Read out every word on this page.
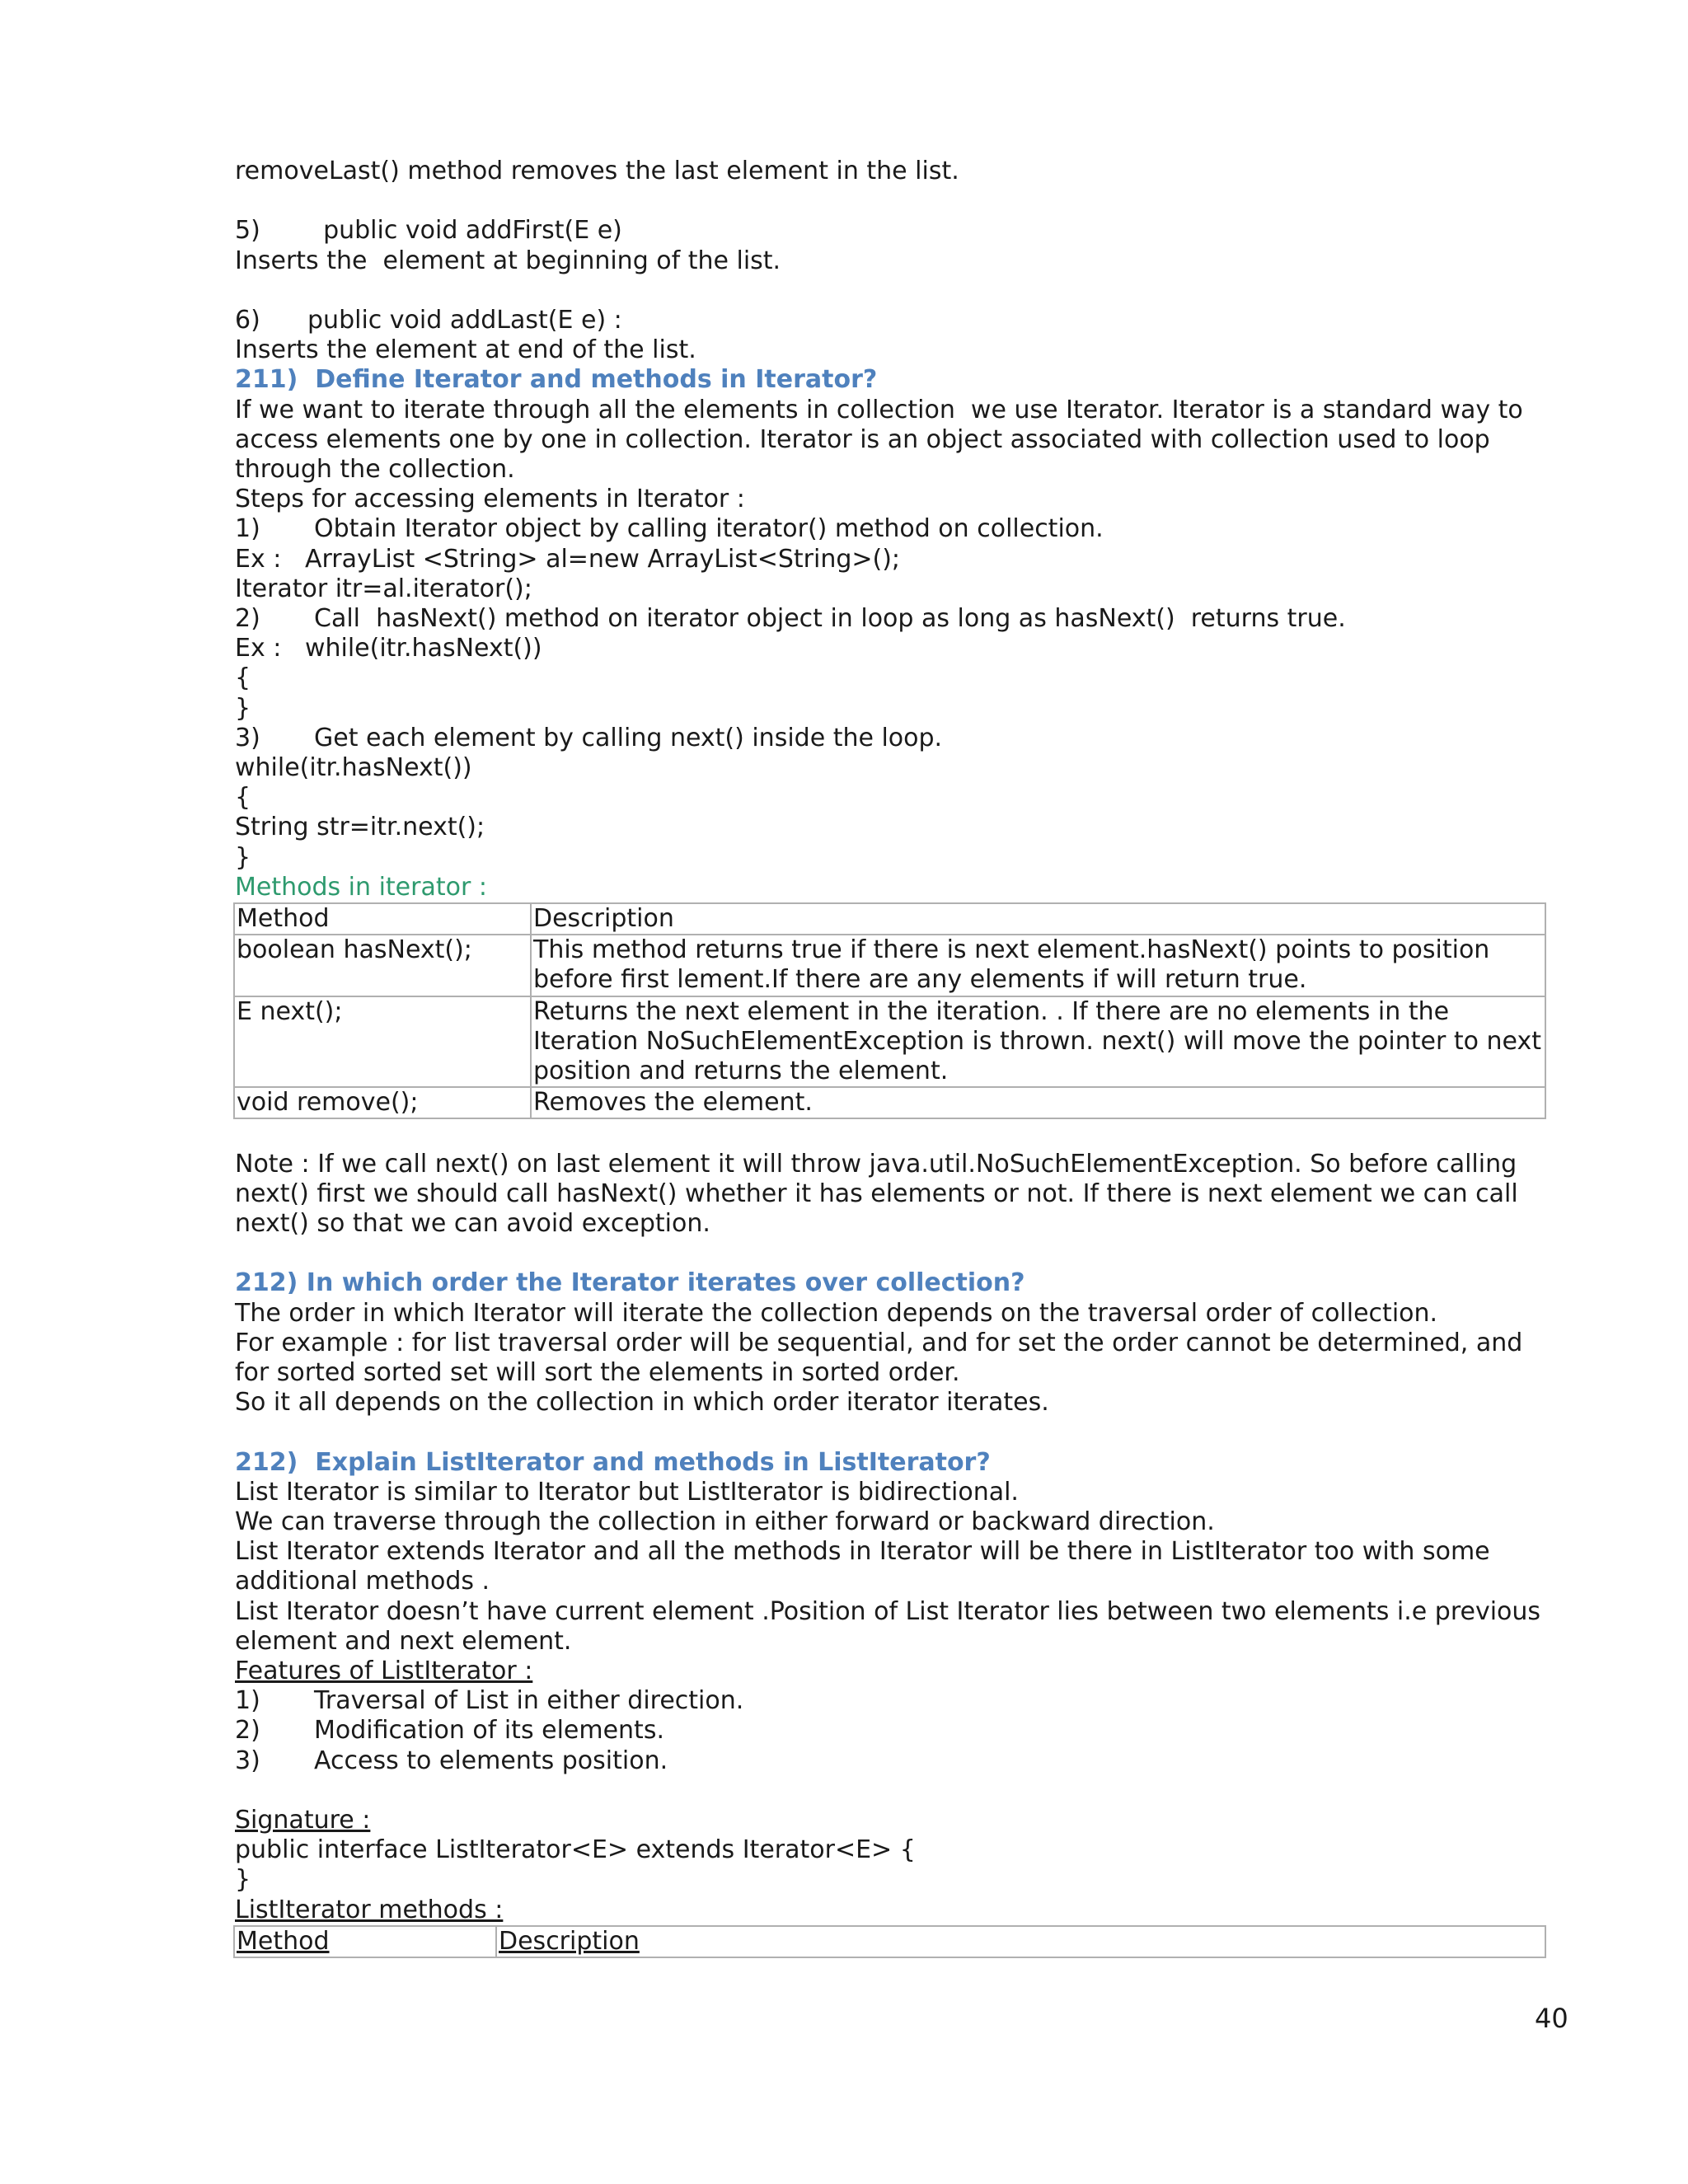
removeLast() method removes the last element in the list.
5)        public void addFirst(E e)
Inserts the  element at beginning of the list.
6)      public void addLast(E e) :
Inserts the element at end of the list.
211)  Define Iterator and methods in Iterator?
If we want to iterate through all the elements in collection  we use Iterator. Iterator is a standard way to
access elements one by one in collection. Iterator is an object associated with collection used to loop
through the collection.
Steps for accessing elements in Iterator :
1) Obtain Iterator object by calling iterator() method on collection.
Ex :   ArrayList <String> al=new ArrayList<String>();
Iterator itr=al.iterator();
2) Call  hasNext() method on iterator object in loop as long as hasNext()  returns true.
Ex :   while(itr.hasNext())
{
}
3) Get each element by calling next() inside the loop.
while(itr.hasNext())
{
String str=itr.next();
}
Methods in iterator :
Method	Description
boolean hasNext();	This method returns true if there is next element.hasNext() points to position before first lement.If there are any elements if will return true.
E next();	Returns the next element in the iteration. . If there are no elements in the Iteration NoSuchElementException is thrown. next() will move the pointer to next position and returns the element.
void remove();	Removes the element.
Note : If we call next() on last element it will throw java.util.NoSuchElementException. So before calling
next() first we should call hasNext() whether it has elements or not. If there is next element we can call
next() so that we can avoid exception.
212) In which order the Iterator iterates over collection?
The order in which Iterator will iterate the collection depends on the traversal order of collection.
For example : for list traversal order will be sequential, and for set the order cannot be determined, and
for sorted sorted set will sort the elements in sorted order.
So it all depends on the collection in which order iterator iterates.
212)  Explain ListIterator and methods in ListIterator?
List Iterator is similar to Iterator but ListIterator is bidirectional.
We can traverse through the collection in either forward or backward direction.
List Iterator extends Iterator and all the methods in Iterator will be there in ListIterator too with some
additional methods .
List Iterator doesn’t have current element .Position of List Iterator lies between two elements i.e previous
element and next element.
Features of ListIterator :
1) Traversal of List in either direction.
2) Modification of its elements.
3) Access to elements position.
Signature :
public interface ListIterator<E> extends Iterator<E> {
}
ListIterator methods :
Method	Description
40
